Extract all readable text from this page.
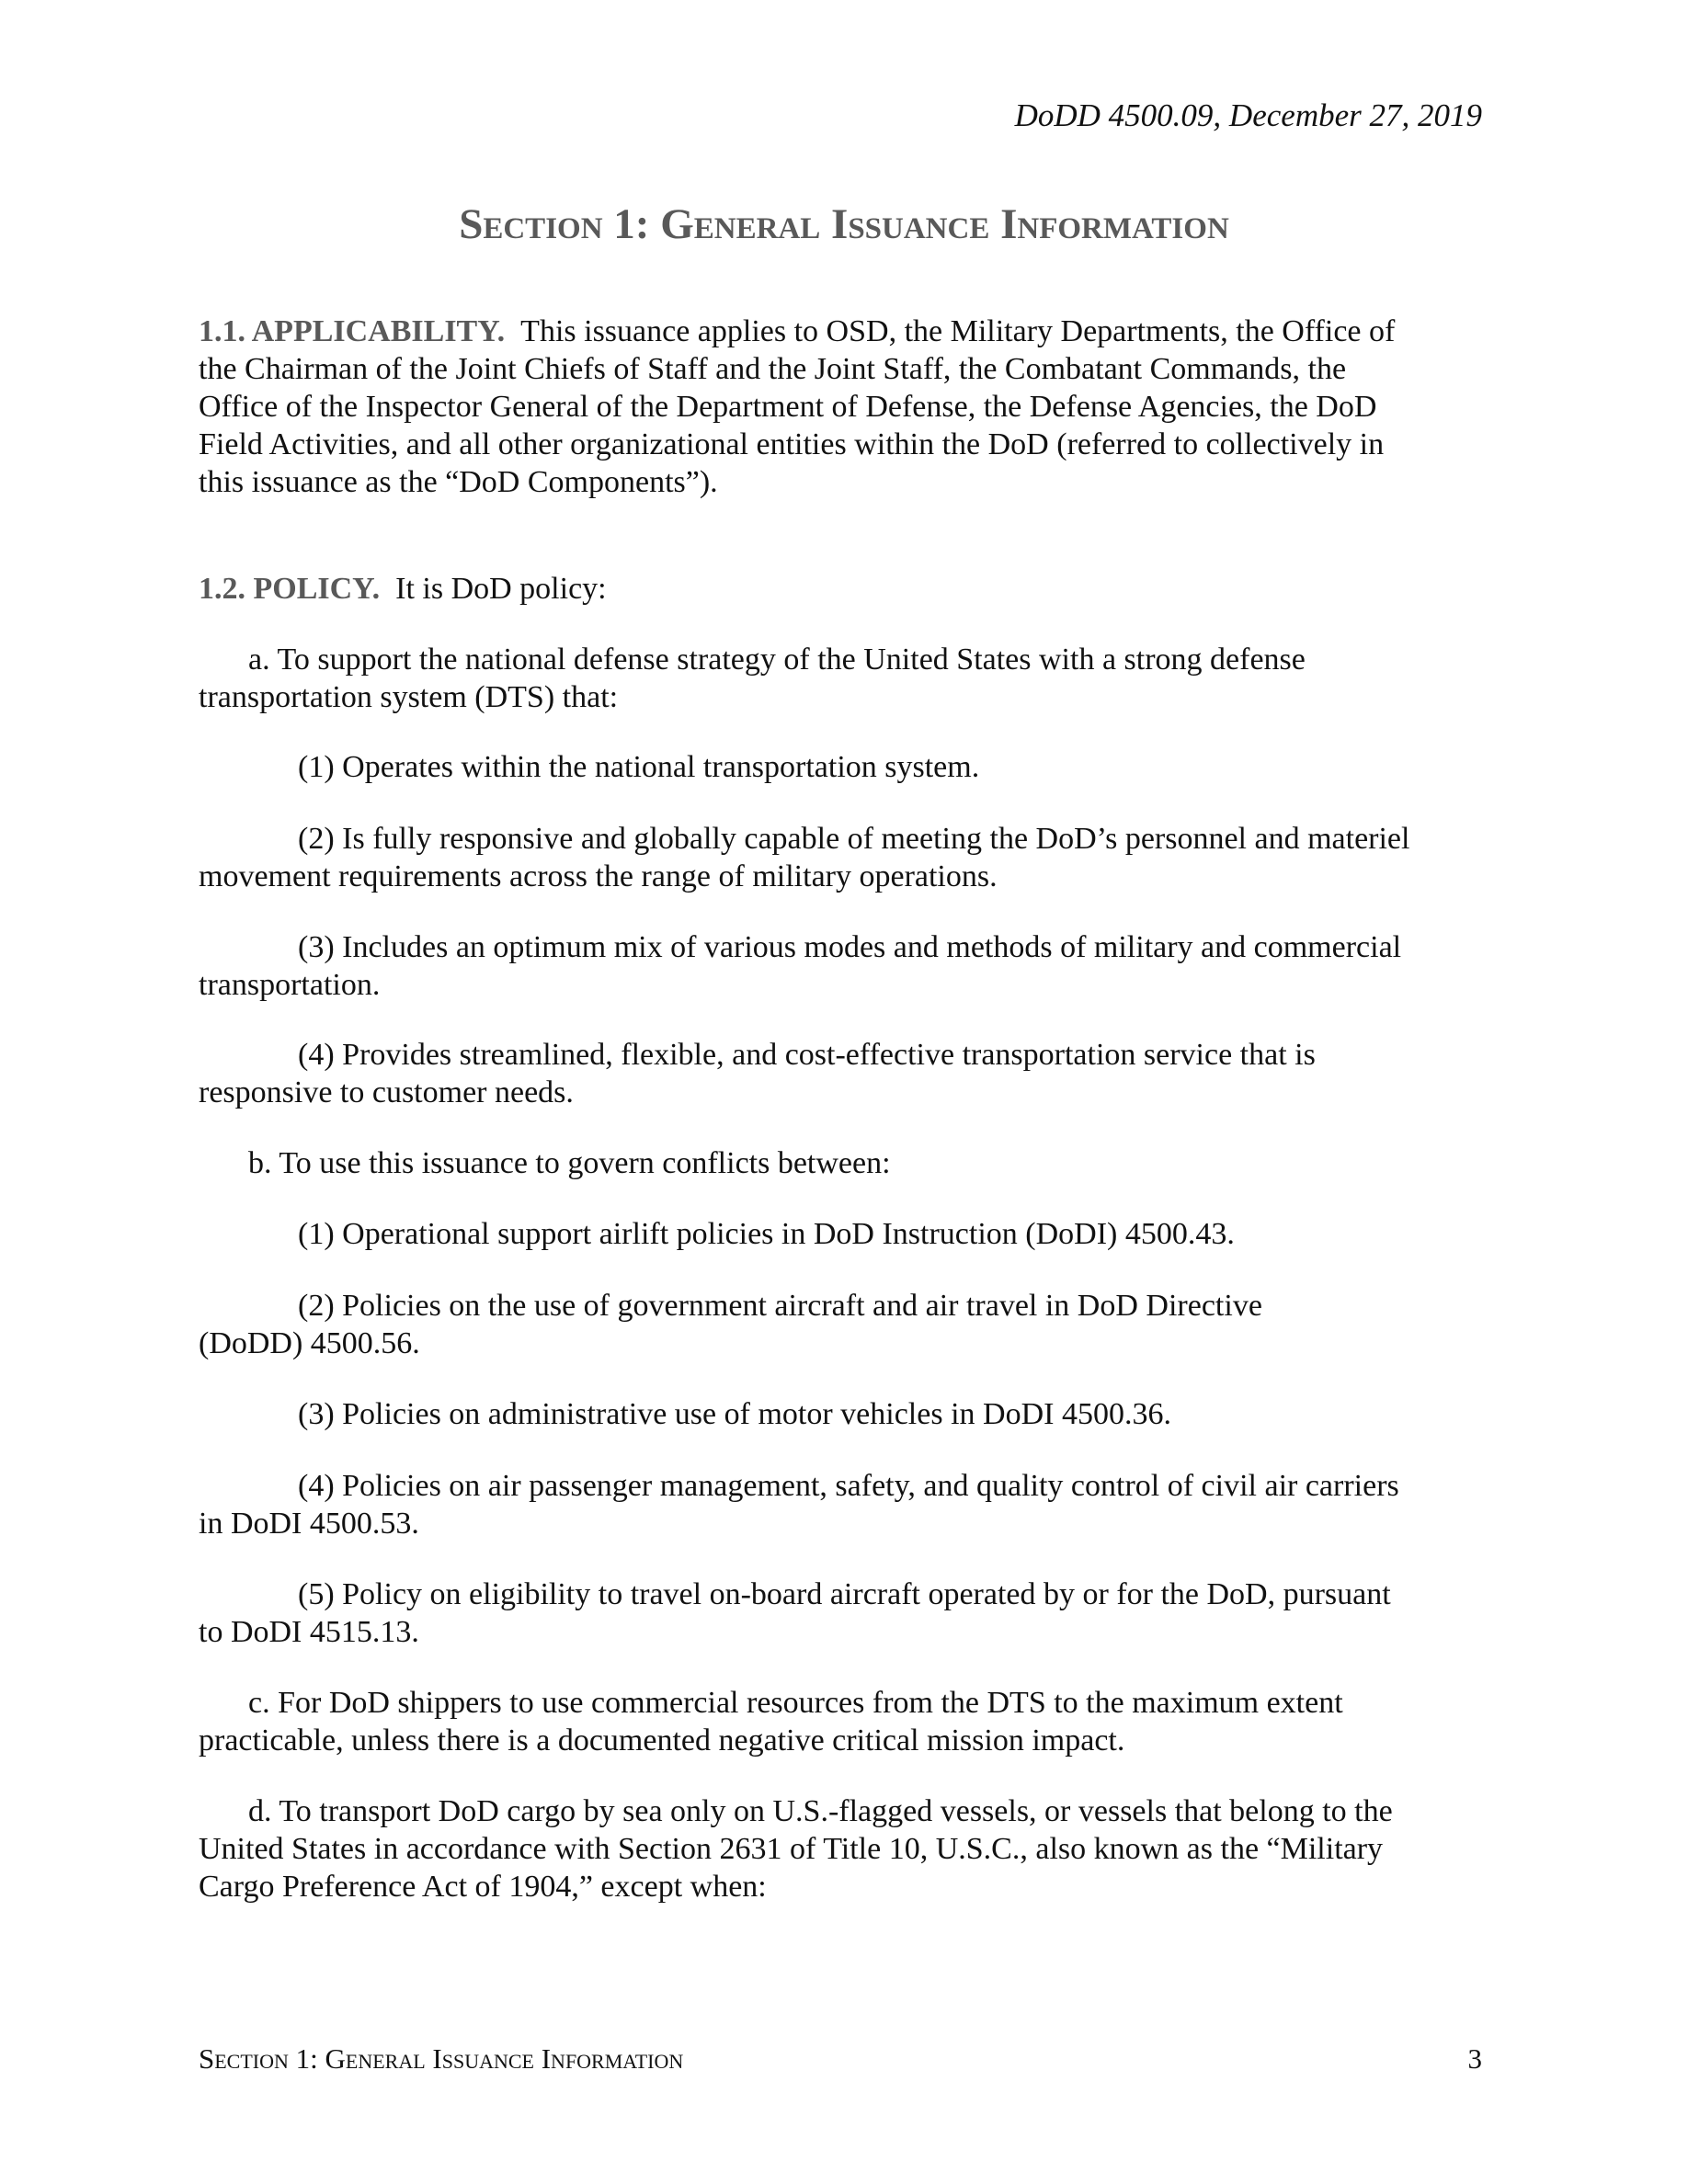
DoDD 4500.09, December 27, 2019
Section 1: General Issuance Information
1.1. APPLICABILITY. This issuance applies to OSD, the Military Departments, the Office of
the Chairman of the Joint Chiefs of Staff and the Joint Staff, the Combatant Commands, the
Office of the Inspector General of the Department of Defense, the Defense Agencies, the DoD
Field Activities, and all other organizational entities within the DoD (referred to collectively in
this issuance as the “DoD Components”).
1.2. POLICY. It is DoD policy:
a. To support the national defense strategy of the United States with a strong defense
transportation system (DTS) that:
(1) Operates within the national transportation system.
(2) Is fully responsive and globally capable of meeting the DoD’s personnel and materiel
movement requirements across the range of military operations.
(3) Includes an optimum mix of various modes and methods of military and commercial
transportation.
(4) Provides streamlined, flexible, and cost-effective transportation service that is
responsive to customer needs.
b. To use this issuance to govern conflicts between:
(1) Operational support airlift policies in DoD Instruction (DoDI) 4500.43.
(2) Policies on the use of government aircraft and air travel in DoD Directive
(DoDD) 4500.56.
(3) Policies on administrative use of motor vehicles in DoDI 4500.36.
(4) Policies on air passenger management, safety, and quality control of civil air carriers
in DoDI 4500.53.
(5) Policy on eligibility to travel on-board aircraft operated by or for the DoD, pursuant
to DoDI 4515.13.
c. For DoD shippers to use commercial resources from the DTS to the maximum extent
practicable, unless there is a documented negative critical mission impact.
d. To transport DoD cargo by sea only on U.S.-flagged vessels, or vessels that belong to the
United States in accordance with Section 2631 of Title 10, U.S.C., also known as the “Military
Cargo Preference Act of 1904,” except when:
Section 1: General Issuance Information	3
